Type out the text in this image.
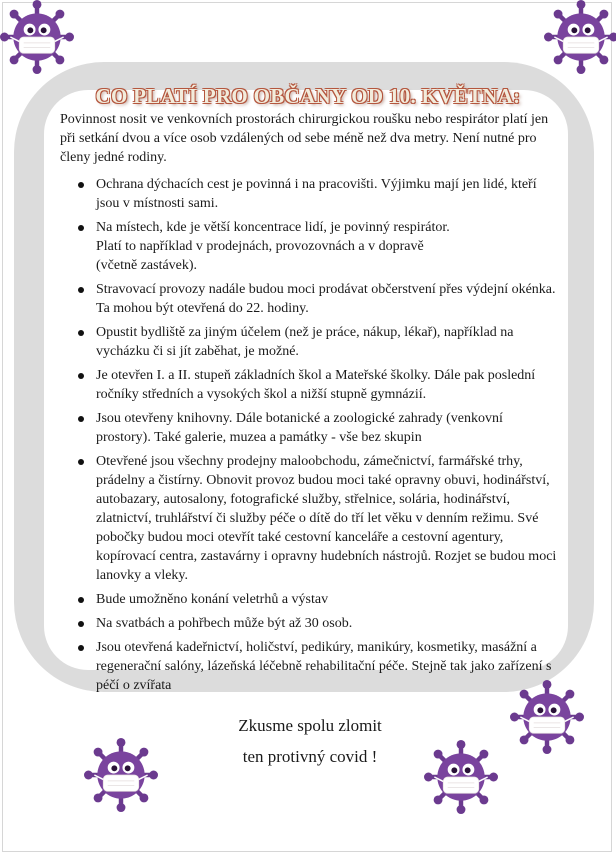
CO PLATÍ PRO OBČANY OD 10. KVĚTNA:

Povinnost nosit ve venkovních prostorách chirurgickou roušku nebo respirátor platí jen při setkání dvou a více osob vzdálených od sebe méně než dva metry. Není nutné pro členy jedné rodiny.

Ochrana dýchacích cest je povinná i na pracovišti. Výjimku mají jen lidé, kteří jsou v místnosti sami.
Na místech, kde je větší koncentrace lidí, je povinný respirátor.
Platí to například v prodejnách, provozovnách a v dopravě
(včetně zastávek).
Stravovací provozy nadále budou moci prodávat občerstvení přes výdejní okénka. Ta mohou být otevřená do 22. hodiny.
Opustit bydliště za jiným účelem (než je práce, nákup, lékař), například na vycházku či si jít zaběhat, je možné.
Je otevřen I. a II. stupeň základních škol a Mateřské školky. Dále pak poslední ročníky středních a vysokých škol a nižší stupně gymnázií.
Jsou otevřeny knihovny. Dále botanické a zoologické zahrady (venkovní prostory). Také galerie, muzea a památky - vše bez skupin
Otevřené jsou všechny prodejny maloobchodu, zámečnictví, farmářské trhy, prádelny a čistírny. Obnovit provoz budou moci také opravny obuvi, hodinářství, autobazary, autosalony, fotografické služby, střelnice, solária, hodinářství, zlatnictví, truhlářství či služby péče o dítě do tří let věku v denním režimu. Své pobočky budou moci otevřít také cestovní kanceláře a cestovní agentury, kopírovací centra, zastavárny i opravny hudebních nástrojů. Rozjet se budou moci lanovky a vleky.
Bude umožněno konání veletrhů a výstav
Na svatbách a pohřbech může být až 30 osob.
Jsou otevřená kadeřnictví, holičství, pedikúry, manikúry, kosmetiky, masážní a regenerační salóny, lázeňská léčebně rehabilitační péče. Stejně tak jako zařízení s péčí o zvířata
Zkusme spolu zlomit
ten protivný covid !
